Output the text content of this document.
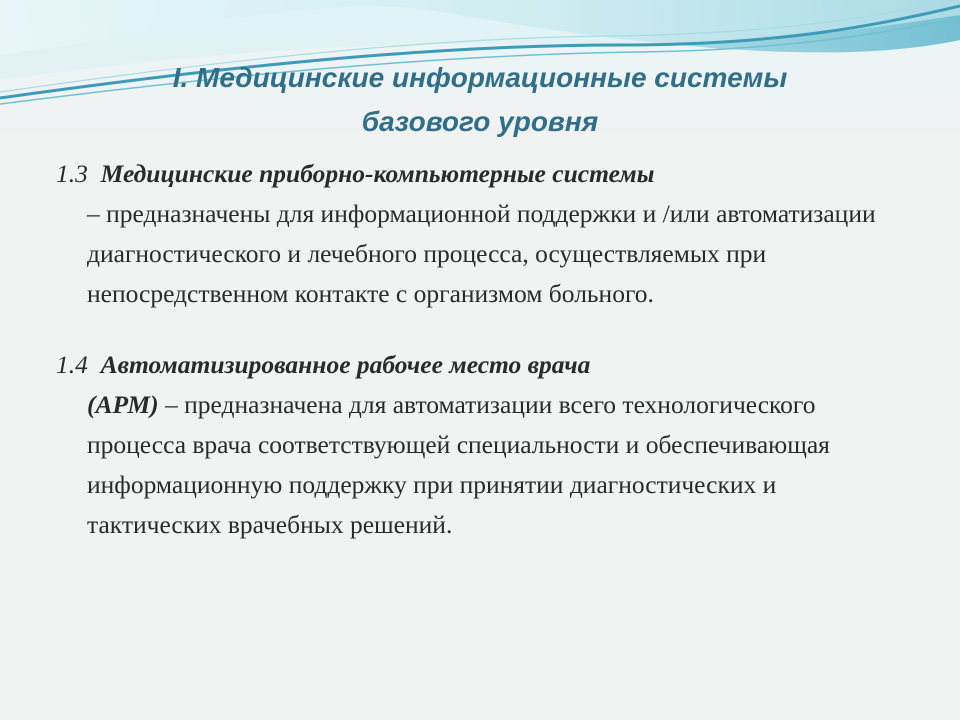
I. Медицинские информационные системы
базового уровня
1.3 Медицинские приборно-компьютерные системы
– предназначены для информационной поддержки и /или автоматизации диагностического и лечебного процесса, осуществляемых при непосредственном контакте с организмом больного.
1.4 Автоматизированное рабочее место врача
(АРМ) – предназначена для автоматизации всего технологического процесса врача соответствующей специальности и обеспечивающая информационную поддержку при принятии диагностических и тактических врачебных решений.
